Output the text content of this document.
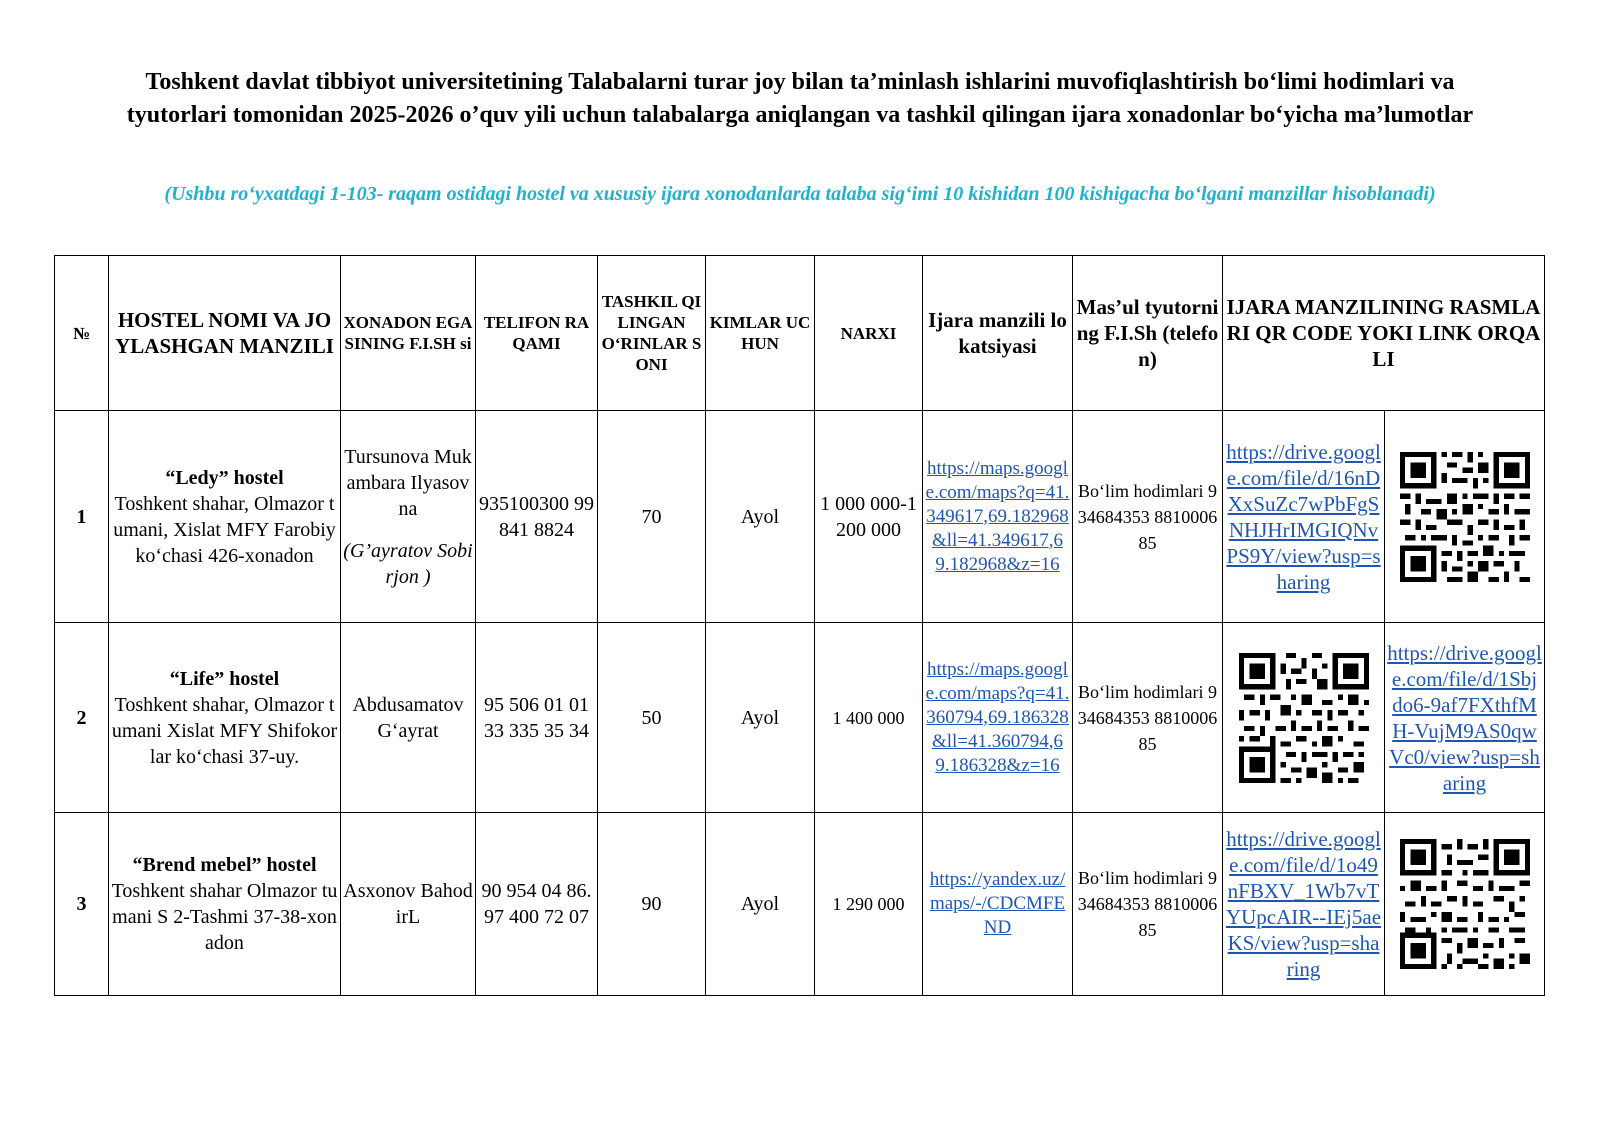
Toshkent davlat tibbiyot universitetining Talabalarni turar joy bilan ta’minlash ishlarini muvofiqlashtirish bo‘limi hodimlari va tyutorlari tomonidan 2025-2026 o’quv yili uchun talabalarga aniqlangan va tashkil qilingan ijara xonadonlar bo‘yicha ma’lumotlar
(Ushbu ro‘yxatdagi 1-103- raqam ostidagi hostel va xususiy ijara xonodanlarda talaba sig‘imi 10 kishidan 100 kishigacha bo‘lgani manzillar hisoblanadi)
№	HOSTEL NOMI VA JOYLASHGAN MANZILI	XONADON EGASINING F.I.SH si	TELIFON RAQAMI	TASHKIL QILINGAN O‘RINLAR SONI	KIMLAR UCHUN	NARXI	Ijara manzili lokatsiyasi	Mas’ul tyutorning F.I.Sh (telefon)	IJARA MANZILINING RASMLARI QR CODE YOKI LINK ORQALI	
1	“Ledy” hostel
Toshkent shahar, Olmazor tumani, Xislat MFY Farobiy ko‘chasi 426-xonadon	Tursunova Mukambara Ilyasovna
(G’ayratov Sobirjon )	935100300 99 841 8824	70	Ayol	1 000 000-1 200 000	https://maps.google.com/maps?q=41.349617,69.182968&ll=41.349617,69.182968&z=16	Bo‘lim hodimlari 934684353 881000685	https://drive.google.com/file/d/16nDXxSuZc7wPbFgSNHJHrIMGIQNvPS9Y/view?usp=sharing

2	“Life” hostel
Toshkent shahar, Olmazor tumani Xislat MFY Shifokorlar ko‘chasi 37-uy.	Abdusamatov G‘ayrat	95 506 01 01 33 335 35 34	50	Ayol	1 400 000	https://maps.google.com/maps?q=41.360794,69.186328&ll=41.360794,69.186328&z=16	Bo‘lim hodimlari 934684353 881000685		https://drive.google.com/file/d/1Sbjdo6-9af7FXthfMH-VujM9AS0qwVc0/view?usp=sharing

3	“Brend mebel” hostel
Toshkent shahar Olmazor tumani S 2-Tashmi 37-38-xonadon	Asxonov BahodirL	90 954 04 86. 97 400 72 07	90	Ayol	1 290 000	https://yandex.uz/maps/-/CDCMFEND	Bo‘lim hodimlari 934684353 881000685	https://drive.google.com/file/d/1o49nFBXV_1Wb7vTYUpcAIR--IEj5aeKS/view?usp=sharing
